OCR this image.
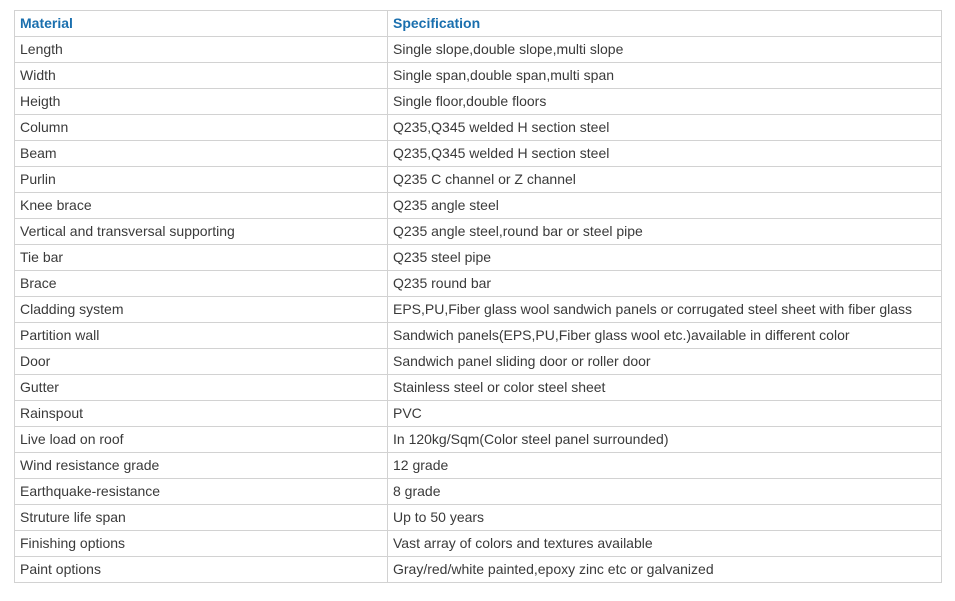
Material	Specification
Length	Single slope,double slope,multi slope
Width	Single span,double span,multi span
Heigth	Single floor,double floors
Column	Q235,Q345 welded H section steel
Beam	Q235,Q345 welded H section steel
Purlin	Q235 C channel or Z channel
Knee brace	Q235 angle steel
Vertical and transversal supporting	Q235 angle steel,round bar or steel pipe
Tie bar	Q235 steel pipe
Brace	Q235 round bar
Cladding system	EPS,PU,Fiber glass wool sandwich panels or corrugated steel sheet with fiber glass
Partition wall	Sandwich panels(EPS,PU,Fiber glass wool etc.)available in different color
Door	Sandwich panel sliding door or roller door
Gutter	Stainless steel or color steel sheet
Rainspout	PVC
Live load on roof	In 120kg/Sqm(Color steel panel surrounded)
Wind resistance grade	12 grade
Earthquake-resistance	8 grade
Struture life span	Up to 50 years
Finishing options	Vast array of colors and textures available
Paint options	Gray/red/white painted,epoxy zinc etc or galvanized
